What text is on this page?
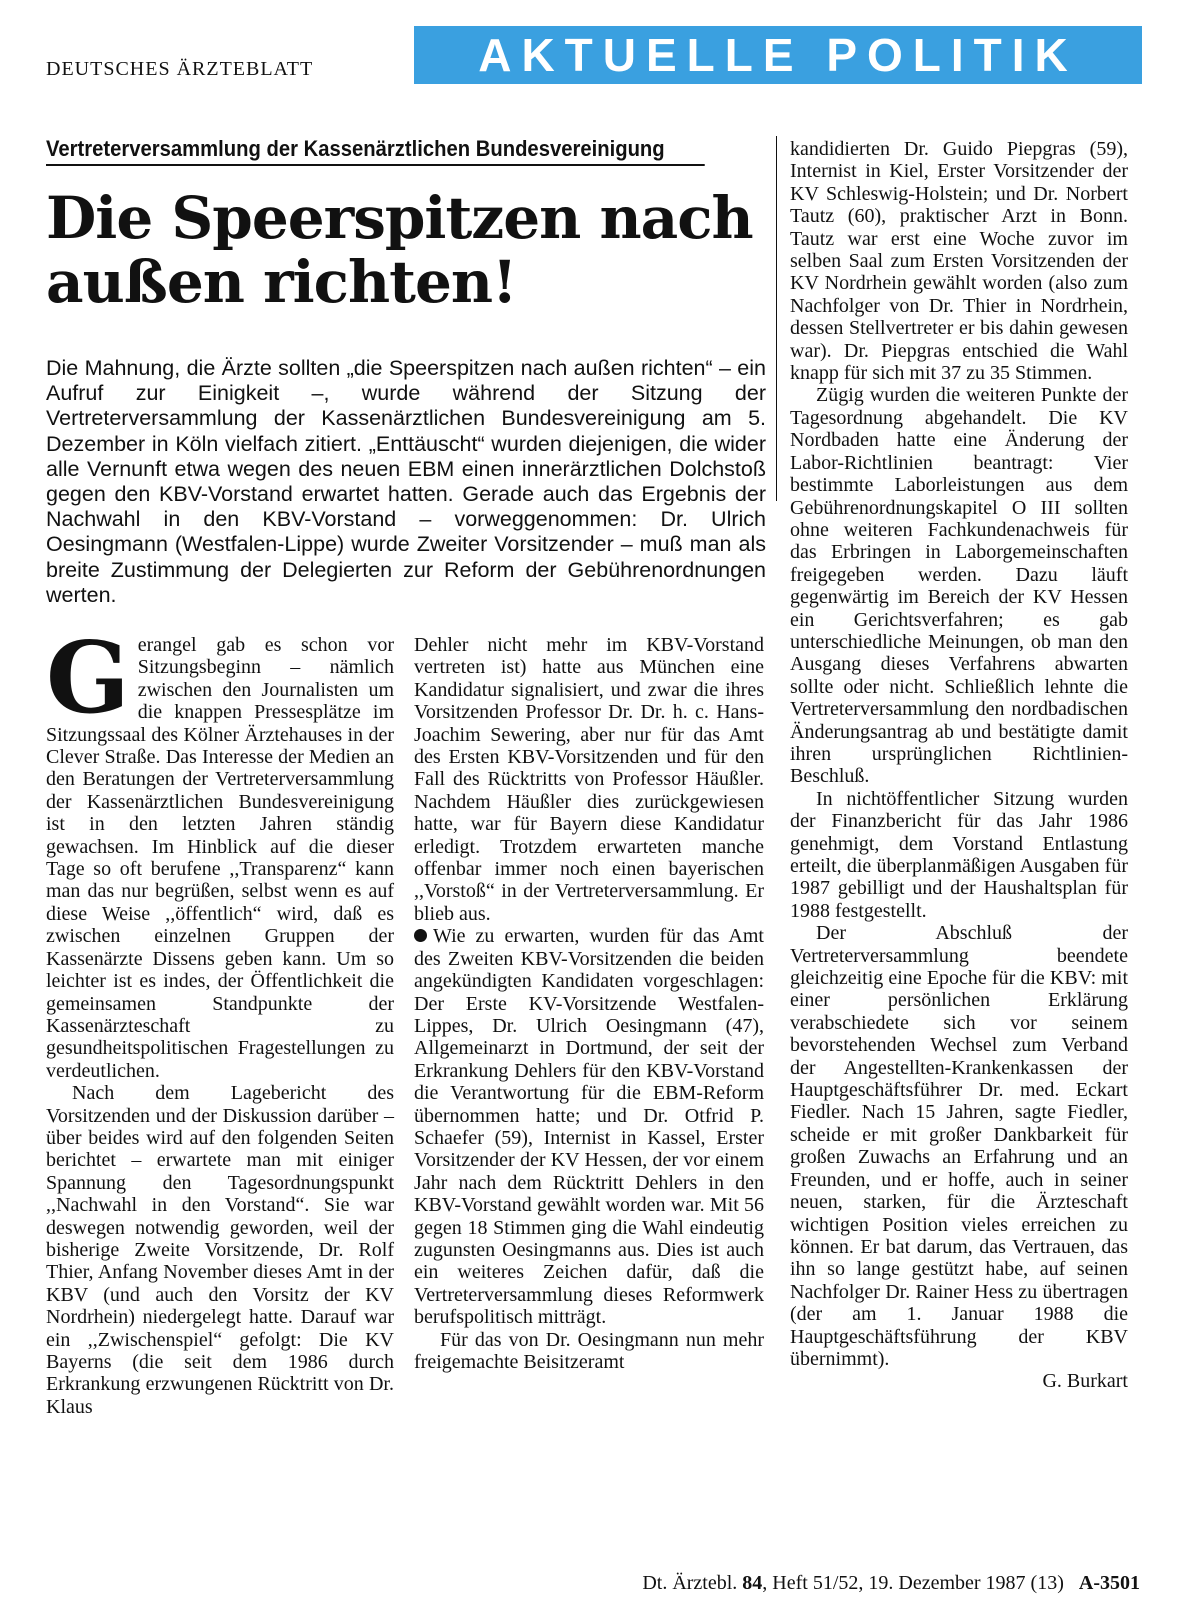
DEUTSCHES ÄRZTEBLATT	AKTUELLE POLITIK
Vertreterversammlung der Kassenärztlichen Bundesvereinigung
Die Speerspitzen nach außen richten!
Die Mahnung, die Ärzte sollten „die Speerspitzen nach außen richten“ – ein Aufruf zur Einigkeit –, wurde während der Sitzung der Vertreterversammlung der Kassenärztlichen Bundesvereinigung am 5. Dezember in Köln vielfach zitiert. „Enttäuscht“ wurden diejenigen, die wider alle Vernunft etwa wegen des neuen EBM einen innerärztlichen Dolchstoß gegen den KBV-Vorstand erwartet hatten. Gerade auch das Ergebnis der Nachwahl in den KBV-Vorstand – vorweggenommen: Dr. Ulrich Oesingmann (Westfalen-Lippe) wurde Zweiter Vorsitzender – muß man als breite Zustimmung der Delegierten zur Reform der Gebührenordnungen werten.

Gerangel gab es schon vor Sitzungsbeginn – nämlich zwischen den Journalisten um die knappen Pressesplätze im Sitzungssaal des Kölner Ärztehauses in der Clever Straße. Das Interesse der Medien an den Beratungen der Vertreterversammlung der Kassenärztlichen Bundesvereinigung ist in den letzten Jahren ständig gewachsen. Im Hinblick auf die dieser Tage so oft berufene ,,Transparenz“ kann man das nur begrüßen, selbst wenn es auf diese Weise ,,öffentlich“ wird, daß es zwischen einzelnen Gruppen der Kassenärzte Dissens geben kann. Um so leichter ist es indes, der Öffentlichkeit die gemeinsamen Standpunkte der Kassenärzteschaft zu gesundheitspolitischen Fragestellungen zu verdeutlichen.

Nach dem Lagebericht des Vorsitzenden und der Diskussion darüber – über beides wird auf den folgenden Seiten berichtet – erwartete man mit einiger Spannung den Tagesordnungspunkt ,,Nachwahl in den Vorstand“. Sie war deswegen notwendig geworden, weil der bisherige Zweite Vorsitzende, Dr. Rolf Thier, Anfang November dieses Amt in der KBV (und auch den Vorsitz der KV Nordrhein) niedergelegt hatte. Darauf war ein ,,Zwischenspiel“ gefolgt: Die KV Bayerns (die seit dem 1986 durch Erkrankung erzwungenen Rücktritt von Dr. Klaus

Dehler nicht mehr im KBV-Vorstand vertreten ist) hatte aus München eine Kandidatur signalisiert, und zwar die ihres Vorsitzenden Professor Dr. Dr. h. c. Hans-Joachim Sewering, aber nur für das Amt des Ersten KBV-Vorsitzenden und für den Fall des Rücktritts von Professor Häußler. Nachdem Häußler dies zurückgewiesen hatte, war für Bayern diese Kandidatur erledigt. Trotzdem erwarteten manche offenbar immer noch einen bayerischen ,,Vorstoß“ in der Vertreterversammlung. Er blieb aus.

Wie zu erwarten, wurden für das Amt des Zweiten KBV-Vorsitzenden die beiden angekündigten Kandidaten vorgeschlagen: Der Erste KV-Vorsitzende Westfalen-Lippes, Dr. Ulrich Oesingmann (47), Allgemeinarzt in Dortmund, der seit der Erkrankung Dehlers für den KBV-Vorstand die Verantwortung für die EBM-Reform übernommen hatte; und Dr. Otfrid P. Schaefer (59), Internist in Kassel, Erster Vorsitzender der KV Hessen, der vor einem Jahr nach dem Rücktritt Dehlers in den KBV-Vorstand gewählt worden war. Mit 56 gegen 18 Stimmen ging die Wahl eindeutig zugunsten Oesingmanns aus. Dies ist auch ein weiteres Zeichen dafür, daß die Vertreterversammlung dieses Reformwerk berufspolitisch mitträgt.

Für das von Dr. Oesingmann nun mehr freigemachte Beisitzeramt

kandidierten Dr. Guido Piepgras (59), Internist in Kiel, Erster Vorsitzender der KV Schleswig-Holstein; und Dr. Norbert Tautz (60), praktischer Arzt in Bonn. Tautz war erst eine Woche zuvor im selben Saal zum Ersten Vorsitzenden der KV Nordrhein gewählt worden (also zum Nachfolger von Dr. Thier in Nordrhein, dessen Stellvertreter er bis dahin gewesen war). Dr. Piepgras entschied die Wahl knapp für sich mit 37 zu 35 Stimmen.

Zügig wurden die weiteren Punkte der Tagesordnung abgehandelt. Die KV Nordbaden hatte eine Änderung der Labor-Richtlinien beantragt: Vier bestimmte Laborleistungen aus dem Gebührenordnungskapitel O III sollten ohne weiteren Fachkundenachweis für das Erbringen in Laborgemeinschaften freigegeben werden. Dazu läuft gegenwärtig im Bereich der KV Hessen ein Gerichtsverfahren; es gab unterschiedliche Meinungen, ob man den Ausgang dieses Verfahrens abwarten sollte oder nicht. Schließlich lehnte die Vertreterversammlung den nordbadischen Änderungsantrag ab und bestätigte damit ihren ursprünglichen Richtlinien-Beschluß.

In nichtöffentlicher Sitzung wurden der Finanzbericht für das Jahr 1986 genehmigt, dem Vorstand Entlastung erteilt, die überplanmäßigen Ausgaben für 1987 gebilligt und der Haushaltsplan für 1988 festgestellt.

Der Abschluß der Vertreterversammlung beendete gleichzeitig eine Epoche für die KBV: mit einer persönlichen Erklärung verabschiedete sich vor seinem bevorstehenden Wechsel zum Verband der Angestellten-Krankenkassen der Hauptgeschäftsführer Dr. med. Eckart Fiedler. Nach 15 Jahren, sagte Fiedler, scheide er mit großer Dankbarkeit für großen Zuwachs an Erfahrung und an Freunden, und er hoffe, auch in seiner neuen, starken, für die Ärzteschaft wichtigen Position vieles erreichen zu können. Er bat darum, das Vertrauen, das ihn so lange gestützt habe, auf seinen Nachfolger Dr. Rainer Hess zu übertragen (der am 1. Januar 1988 die Hauptgeschäftsführung der KBV übernimmt).

G. Burkart

Dt. Ärztebl. 84, Heft 51/52, 19. Dezember 1987 (13) A-3501
